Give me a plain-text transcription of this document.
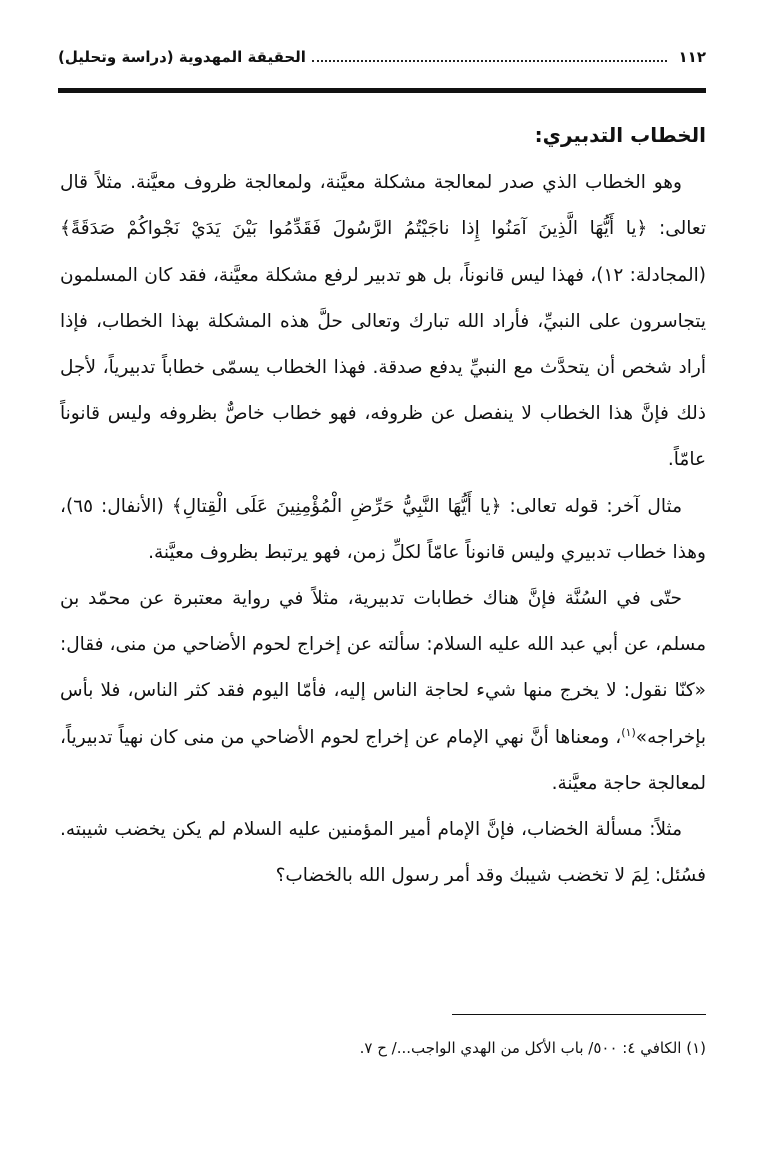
١١٢
الحقيقة المهدوية (دراسة وتحليل)

الخطاب التدبيري:

وهو الخطاب الذي صدر لمعالجة مشكلة معيَّنة، ولمعالجة ظروف معيَّنة. مثلاً قال تعالى: ﴿يا أَيُّهَا الَّذِينَ آمَنُوا إِذا ناجَيْتُمُ الرَّسُولَ فَقَدِّمُوا بَيْنَ يَدَيْ نَجْواكُمْ صَدَقَةً﴾ (المجادلة: ١٢)، فهذا ليس قانوناً، بل هو تدبير لرفع مشكلة معيَّنة، فقد كان المسلمون يتجاسرون على النبيِّ، فأراد الله تبارك وتعالى حلَّ هذه المشكلة بهذا الخطاب، فإذا أراد شخص أن يتحدَّث مع النبيِّ يدفع صدقة. فهذا الخطاب يسمّى خطاباً تدبيرياً، لأجل ذلك فإنَّ هذا الخطاب لا ينفصل عن ظروفه، فهو خطاب خاصٌّ بظروفه وليس قانوناً عامّاً.

مثال آخر: قوله تعالى: ﴿يا أَيُّهَا النَّبِيُّ حَرِّضِ الْمُؤْمِنِينَ عَلَى الْقِتالِ﴾ (الأنفال: ٦٥)، وهذا خطاب تدبيري وليس قانوناً عامّاً لكلِّ زمن، فهو يرتبط بظروف معيَّنة.

حتّى في السُنَّة فإنَّ هناك خطابات تدبيرية، مثلاً في رواية معتبرة عن محمّد بن مسلم، عن أبي عبد الله عليه السلام: سألته عن إخراج لحوم الأضاحي من منى، فقال: «كنّا نقول: لا يخرج منها شيء لحاجة الناس إليه، فأمّا اليوم فقد كثر الناس، فلا بأس بإخراجه»$^{(١)}$، ومعناها أنَّ نهي الإمام عن إخراج لحوم الأضاحي من منى كان نهياً تدبيرياً، لمعالجة حاجة معيَّنة.

مثلاً: مسألة الخضاب، فإنَّ الإمام أمير المؤمنين عليه السلام لم يكن يخضب شيبته. فسُئل: لِمَ لا تخضب شيبك وقد أمر رسول الله بالخضاب؟

(١) الكافي ٤: ٥٠٠/ باب الأكل من الهدي الواجب.../ ح ٧.
